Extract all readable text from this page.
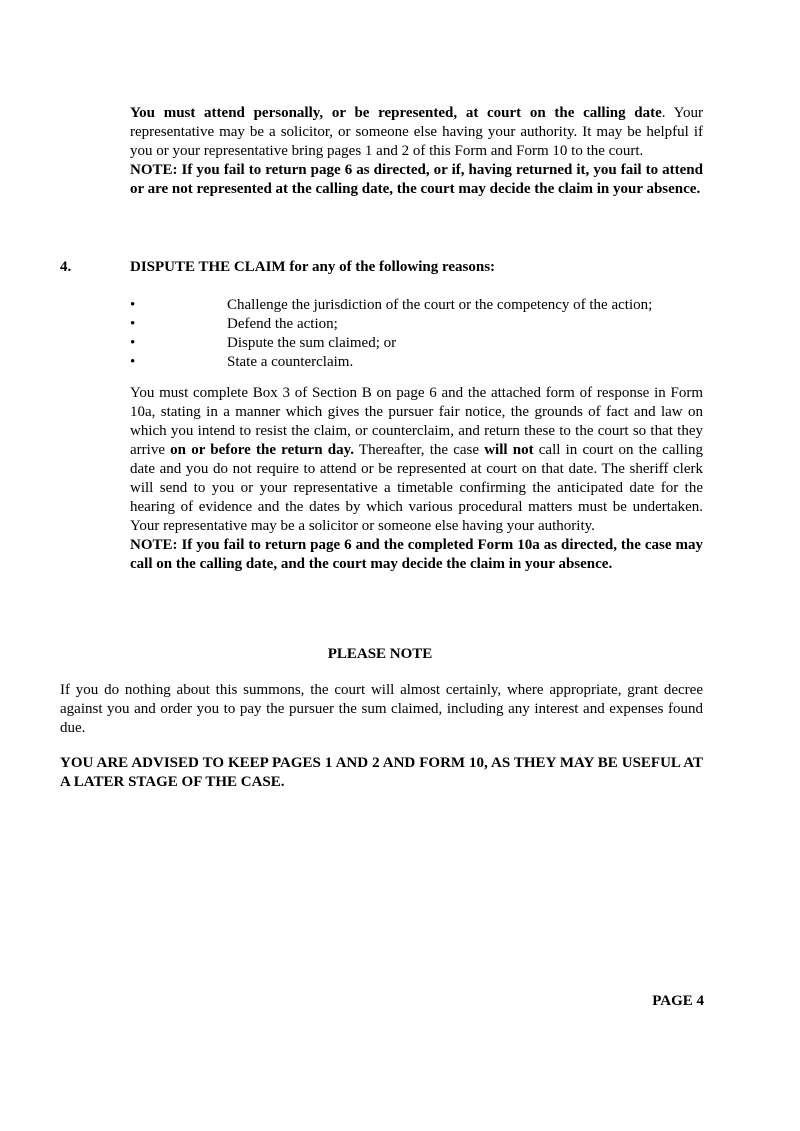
You must attend personally, or be represented, at court on the calling date. Your representative may be a solicitor, or someone else having your authority. It may be helpful if you or your representative bring pages 1 and 2 of this Form and Form 10 to the court.

NOTE: If you fail to return page 6 as directed, or if, having returned it, you fail to attend or are not represented at the calling date, the court may decide the claim in your absence.

4.	DISPUTE THE CLAIM for any of the following reasons:
•	Challenge the jurisdiction of the court or the competency of the action;
•	Defend the action;
•	Dispute the sum claimed; or
•	State a counterclaim.

You must complete Box 3 of Section B on page 6 and the attached form of response in Form 10a, stating in a manner which gives the pursuer fair notice, the grounds of fact and law on which you intend to resist the claim, or counterclaim, and return these to the court so that they arrive on or before the return day. Thereafter, the case will not call in court on the calling date and you do not require to attend or be represented at court on that date. The sheriff clerk will send to you or your representative a timetable confirming the anticipated date for the hearing of evidence and the dates by which various procedural matters must be undertaken. Your representative may be a solicitor or someone else having your authority.

NOTE: If you fail to return page 6 and the completed Form 10a as directed, the case may call on the calling date, and the court may decide the claim in your absence.

PLEASE NOTE

If you do nothing about this summons, the court will almost certainly, where appropriate, grant decree against you and order you to pay the pursuer the sum claimed, including any interest and expenses found due.

YOU ARE ADVISED TO KEEP PAGES 1 AND 2 AND FORM 10, AS THEY MAY BE USEFUL AT A LATER STAGE OF THE CASE.

PAGE 4
